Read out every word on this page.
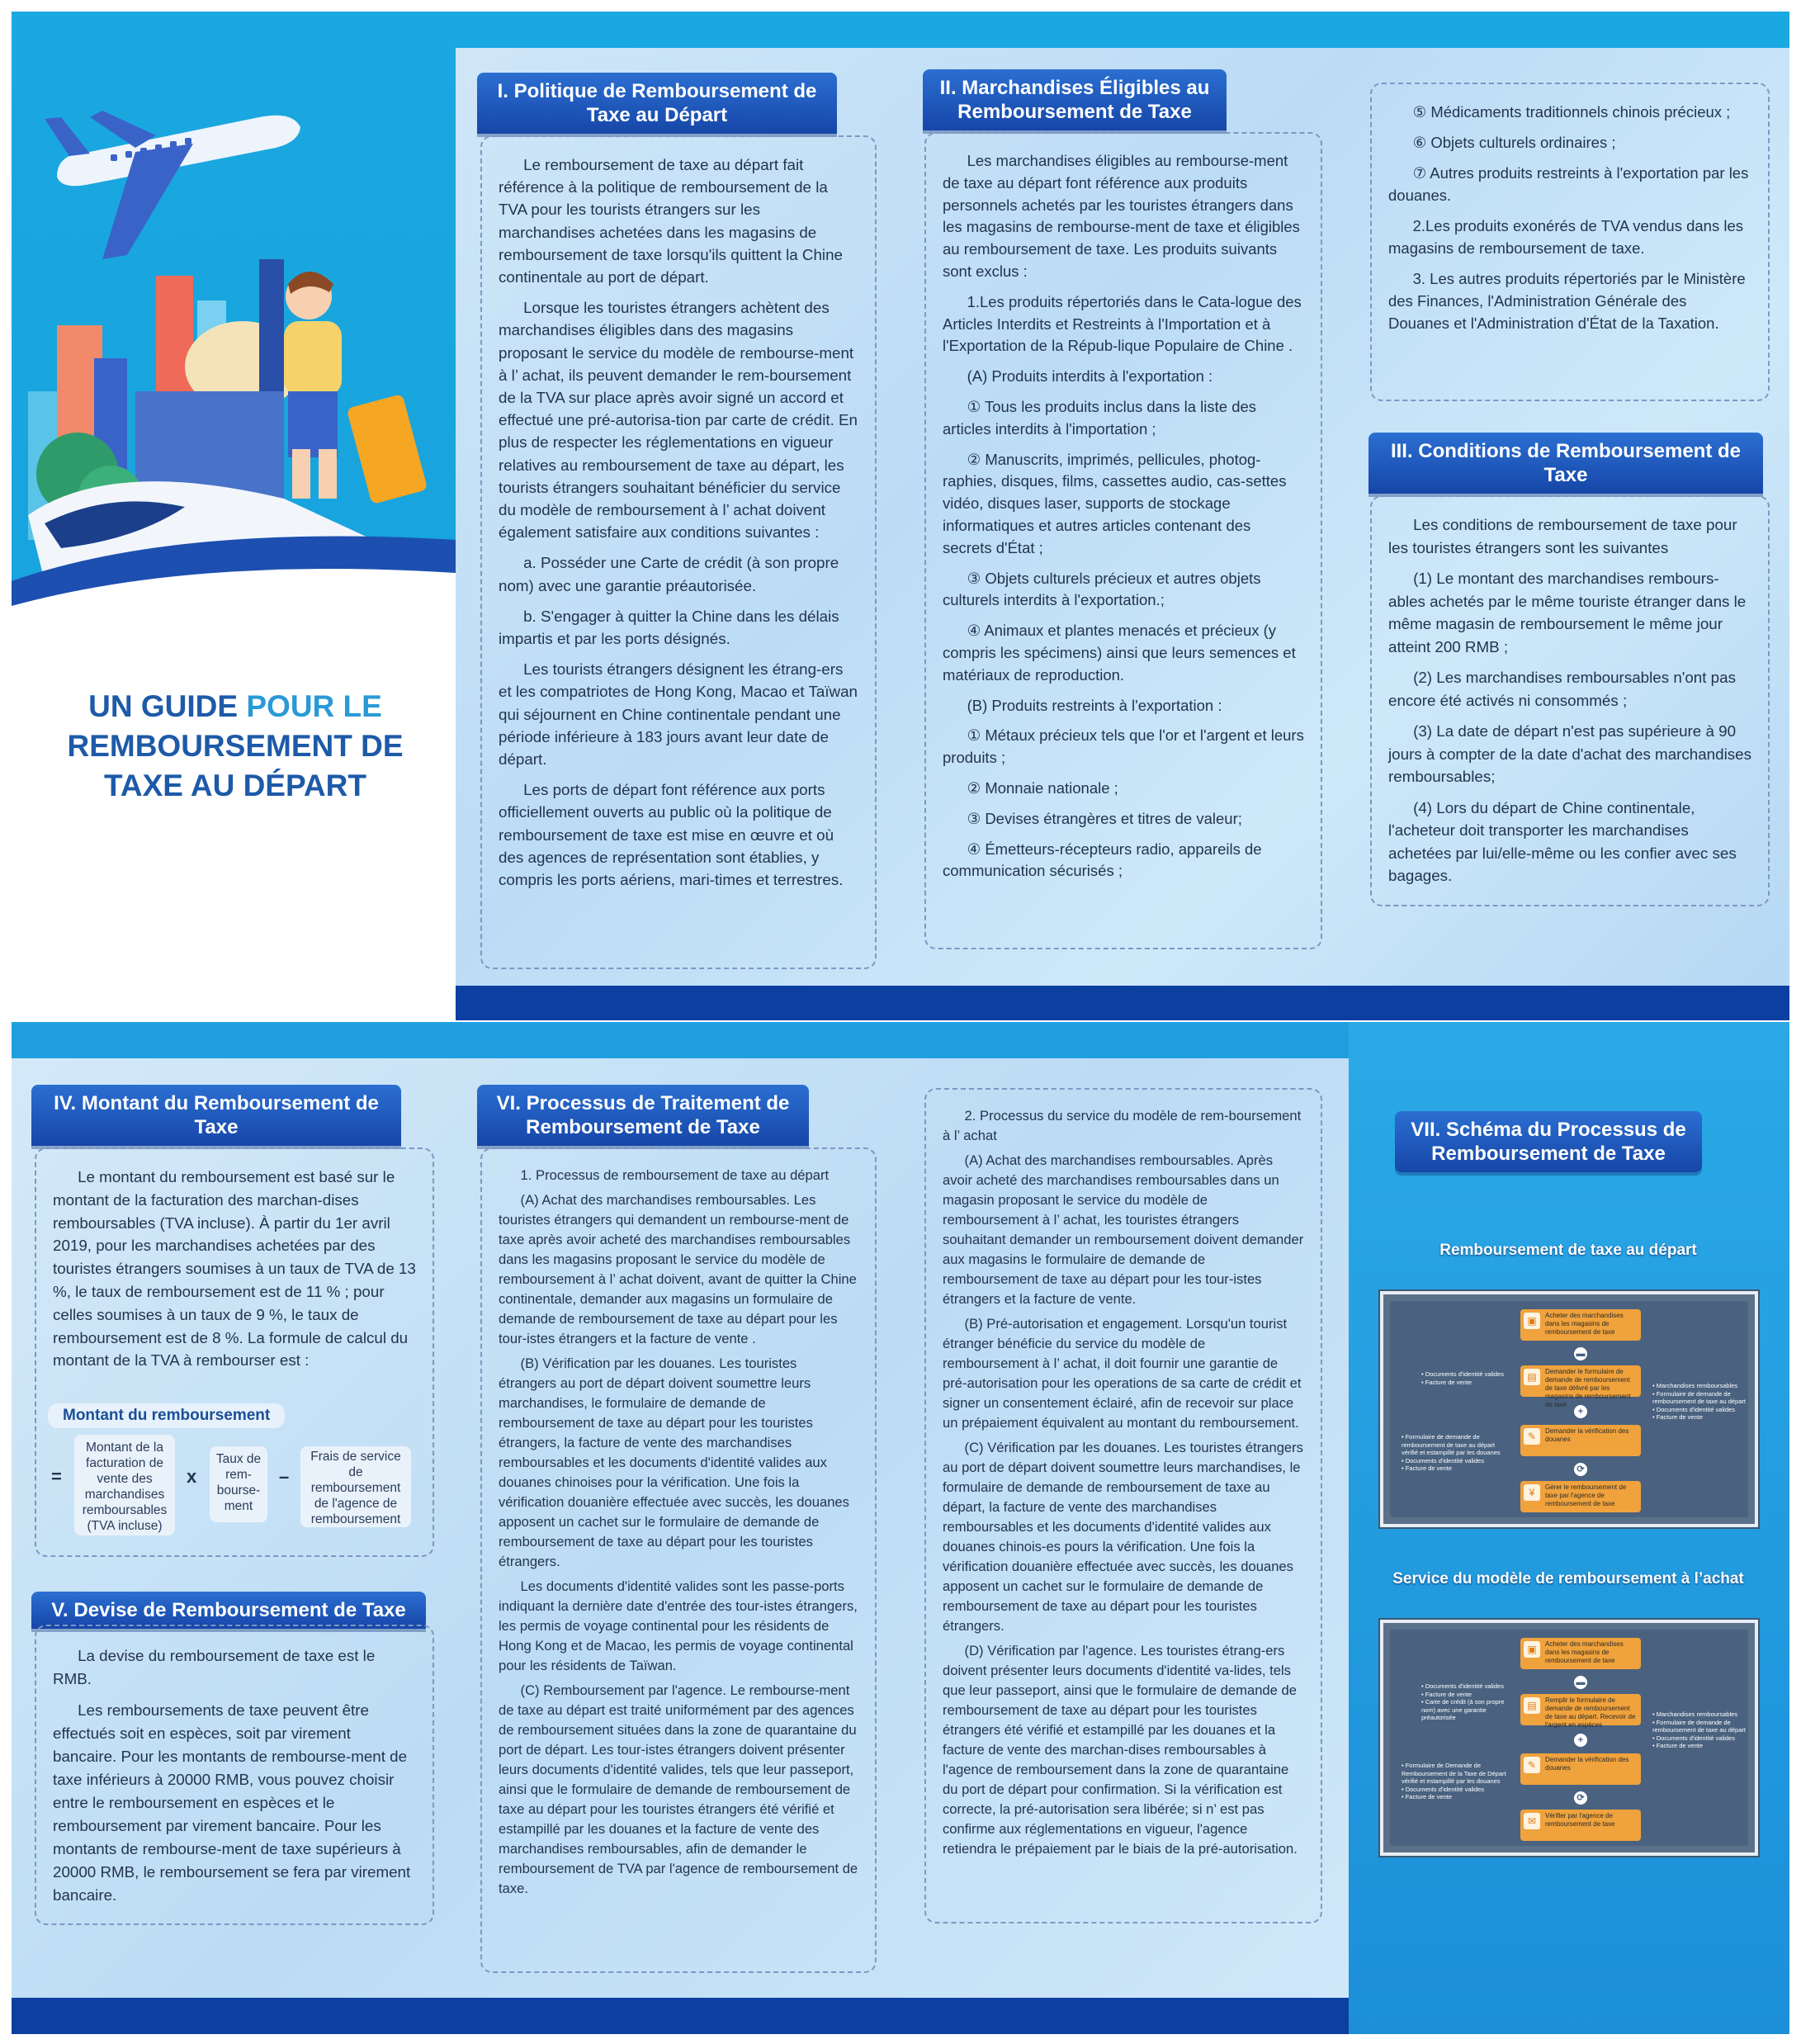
UN GUIDE POUR LE
REMBOURSEMENT DE
TAXE AU DÉPART
I. Politique de Remboursement de Taxe au Départ

Le remboursement de taxe au départ fait référence à la politique de remboursement de la TVA pour les tourists étrangers sur les marchandises achetées dans les magasins de remboursement de taxe lorsqu'ils quittent la Chine continentale au port de départ.

Lorsque les touristes étrangers achètent des marchandises éligibles dans des magasins proposant le service du modèle de rembourse-ment à l’ achat, ils peuvent demander le rem-boursement de la TVA sur place après avoir signé un accord et effectué une pré-autorisa-tion par carte de crédit. En plus de respecter les réglementations en vigueur relatives au remboursement de taxe au départ, les tourists étrangers souhaitant bénéficier du service du modèle de remboursement à l’ achat doivent également satisfaire aux conditions suivantes :

a. Posséder une Carte de crédit (à son propre nom) avec une garantie préautorisée.

b. S'engager à quitter la Chine dans les délais impartis et par les ports désignés.

Les tourists étrangers désignent les étrang-ers et les compatriotes de Hong Kong, Macao et Taïwan qui séjournent en Chine continentale pendant une période inférieure à 183 jours avant leur date de départ.

Les ports de départ font référence aux ports officiellement ouverts au public où la politique de remboursement de taxe est mise en œuvre et où des agences de représentation sont établies, y compris les ports aériens, mari-times et terrestres.

II. Marchandises Éligibles au Remboursement de Taxe

Les marchandises éligibles au remboursе-ment de taxe au départ font référence aux produits personnels achetés par les touristes étrangers dans les magasins de rembourse-ment de taxe et éligibles au remboursement de taxe. Les produits suivants sont exclus :

1.Les produits répertoriés dans le Cata-logue des Articles Interdits et Restreints à l'Importation et à l'Exportation de la Répub-lique Populaire de Chine .

(A) Produits interdits à l'exportation :

① Tous les produits inclus dans la liste des articles interdits à l'importation ;

② Manuscrits, imprimés, pellicules, photog-raphies, disques, films, cassettes audio, cas-settes vidéo, disques laser, supports de stockage informatiques et autres articles contenant des secrets d'État ;

③ Objets culturels précieux et autres objets culturels interdits à l'exportation.;

④ Animaux et plantes menacés et précieux (y compris les spécimens) ainsi que leurs semences et matériaux de reproduction.

(B) Produits restreints à l'exportation :

① Métaux précieux tels que l'or et l'argent et leurs produits ;

② Monnaie nationale ;

③ Devises étrangères et titres de valeur;

④ Émetteurs-récepteurs radio, appareils de communication sécurisés ;

⑤ Médicaments traditionnels chinois précieux ;

⑥ Objets culturels ordinaires ;

⑦ Autres produits restreints à l'exportation par les douanes.

2.Les produits exonérés de TVA vendus dans les magasins de remboursement de taxe.

3. Les autres produits répertoriés par le Ministère des Finances, l'Administration Générale des Douanes et l'Administration d'État de la Taxation.

III. Conditions de Remboursement de Taxe

Les conditions de remboursement de taxe pour les touristes étrangers sont les suivantes

(1) Le montant des marchandises rembours-ables achetés par le même touriste étranger dans le même magasin de remboursement le même jour atteint 200 RMB ;

(2) Les marchandises remboursables n'ont pas encore été activés ni consommés ;

(3) La date de départ n'est pas supérieure à 90 jours à compter de la date d'achat des marchandises remboursables;

(4) Lors du départ de Chine continentale, l'acheteur doit transporter les marchandises achetées par lui/elle-même ou les confier avec ses bagages.

IV. Montant du Remboursement de Taxe

Le montant du remboursement est basé sur le montant de la facturation des marchan-dises remboursables (TVA incluse). À partir du 1er avril 2019, pour les marchandises achetées par des touristes étrangers soumises à un taux de TVA de 13 %, le taux de remboursement est de 11 % ; pour celles soumises à un taux de 9 %, le taux de remboursement est de 8 %. La formule de calcul du montant de la TVA à rembourser est :

Montant du remboursement
=
Montant de la facturation de vente des marchandises remboursables (TVA incluse)
x
Taux de rem-bourse-ment
–
Frais de service de remboursement de l'agence de remboursement
V. Devise de Remboursement de Taxe

La devise du remboursement de taxe est le RMB.

Les remboursements de taxe peuvent être effectués soit en espèces, soit par virement bancaire. Pour les montants de rembourse-ment de taxe inférieurs à 20000 RMB, vous pouvez choisir entre le remboursement en espèces et le remboursement par virement bancaire. Pour les montants de rembourse-ment de taxe supérieurs à 20000 RMB, le remboursement se fera par virement bancaire.

VI. Processus de Traitement de Remboursement de Taxe

1. Processus de remboursement de taxe au départ

(A) Achat des marchandises remboursables. Les touristes étrangers qui demandent un rembourse-ment de taxe après avoir acheté des marchandises remboursables dans les magasins proposant le service du modèle de remboursement à l’ achat doivent, avant de quitter la Chine continentale, demander aux magasins un formulaire de demande de remboursement de taxe au départ pour les tour-istes étrangers et la facture de vente .

(B) Vérification par les douanes. Les touristes étrangers au port de départ doivent soumettre leurs marchandises, le formulaire de demande de remboursement de taxe au départ pour les touristes étrangers, la facture de vente des marchandises remboursables et les documents d'identité valides aux douanes chinoises pour la vérification. Une fois la vérification douanière effectuée avec succès, les douanes apposent un cachet sur le formulaire de demande de remboursement de taxe au départ pour les touristes étrangers.

Les documents d'identité valides sont les passe-ports indiquant la dernière date d'entrée des tour-istes étrangers, les permis de voyage continental pour les résidents de Hong Kong et de Macao, les permis de voyage continental pour les résidents de Taïwan.

(C) Remboursement par l'agence. Le rembourse-ment de taxe au départ est traité uniformément par des agences de remboursement situées dans la zone de quarantaine du port de départ. Les tour-istes étrangers doivent présenter leurs documents d'identité valides, tels que leur passeport, ainsi que le formulaire de demande de remboursement de taxe au départ pour les touristes étrangers été vérifié et estampillé par les douanes et la facture de vente des marchandises remboursables, afin de demander le remboursement de TVA par l'agence de remboursement de taxe.

2. Processus du service du modèle de rem-boursement à l’ achat

(A) Achat des marchandises remboursables. Après avoir acheté des marchandises remboursables dans un magasin proposant le service du modèle de remboursement à l’ achat, les touristes étrangers souhaitant demander un remboursement doivent demander aux magasins le formulaire de demande de remboursement de taxe au départ pour les tour-istes étrangers et la facture de vente.

(B) Pré-autorisation et engagement. Lorsqu'un tourist étranger bénéficie du service du modèle de remboursement à l’ achat, il doit fournir une garantie de pré-autorisation pour les operations de sa carte de crédit et signer un consentement éclairé, afin de recevoir sur place un prépaiement équivalent au montant du remboursement.

(C) Vérification par les douanes. Les touristes étrangers au port de départ doivent soumettre leurs marchandises, le formulaire de demande de remboursement de taxe au départ, la facture de vente des marchandises remboursables et les documents d'identité valides aux douanes chinois-es pours la vérification. Une fois la vérification douanière effectuée avec succès, les douanes apposent un cachet sur le formulaire de demande de remboursement de taxe au départ pour les touristes étrangers.

(D) Vérification par l'agence. Les touristes étrang-ers doivent présenter leurs documents d'identité va-lides, tels que leur passeport, ainsi que le formulaire de demande de remboursement de taxe au départ pour les touristes étrangers été vérifié et estampillé par les douanes et la facture de vente des marchan-dises remboursables à l'agence de remboursement dans la zone de quarantaine du port de départ pour confirmation. Si la vérification est correcte, la pré-autorisation sera libérée; si n’ est pas confirme aux réglementations en vigueur, l'agence retiendra le prépaiement par le biais de la pré-autorisation.

VII. Schéma du Processus de Remboursement de Taxe
Remboursement de taxe au départ
▣	Acheter des marchandises dans les magasins de remboursement de taxe
▬
▤	Demander le formulaire de demande de remboursement de taxe délivré par les magasins de remboursement de taxe
+
✎	Demander la vérification des douanes
⟳
¥	Gérer le remboursement de taxe par l'agence de remboursement de taxe
• Documents d'identité valides
• Facture de vente
• Formulaire de demande de remboursement de taxe au départ vérifié et estampillé par les douanes
• Documents d'identité valides
• Facture de vente
• Marchandises remboursables
• Formulaire de demande de remboursement de taxe au départ
• Documents d'identité valides
• Facture de vente
Service du modèle de remboursement à l’achat
▣	Acheter des marchandises dans les magasins de remboursement de taxe
▬
▤	Remplir le formulaire de demande de remboursement de taxe au départ. Recevoir de l'argent en espèces
+
✎	Demander la vérification des douanes
⟳
✉	Vérifier par l'agence de remboursement de taxe
• Documents d'identité valides
• Facture de vente
• Carte de crédit (à son propre nom) avec une garantie préautorisée
• Formulaire de Demande de Remboursement de la Taxe de Départ vérifié et estampillé par les douanes
• Documents d'identité valides
• Facture de vente
• Marchandises remboursables
• Formulaire de demande de remboursement de taxe au départ
• Documents d'identité valides
• Facture de vente
